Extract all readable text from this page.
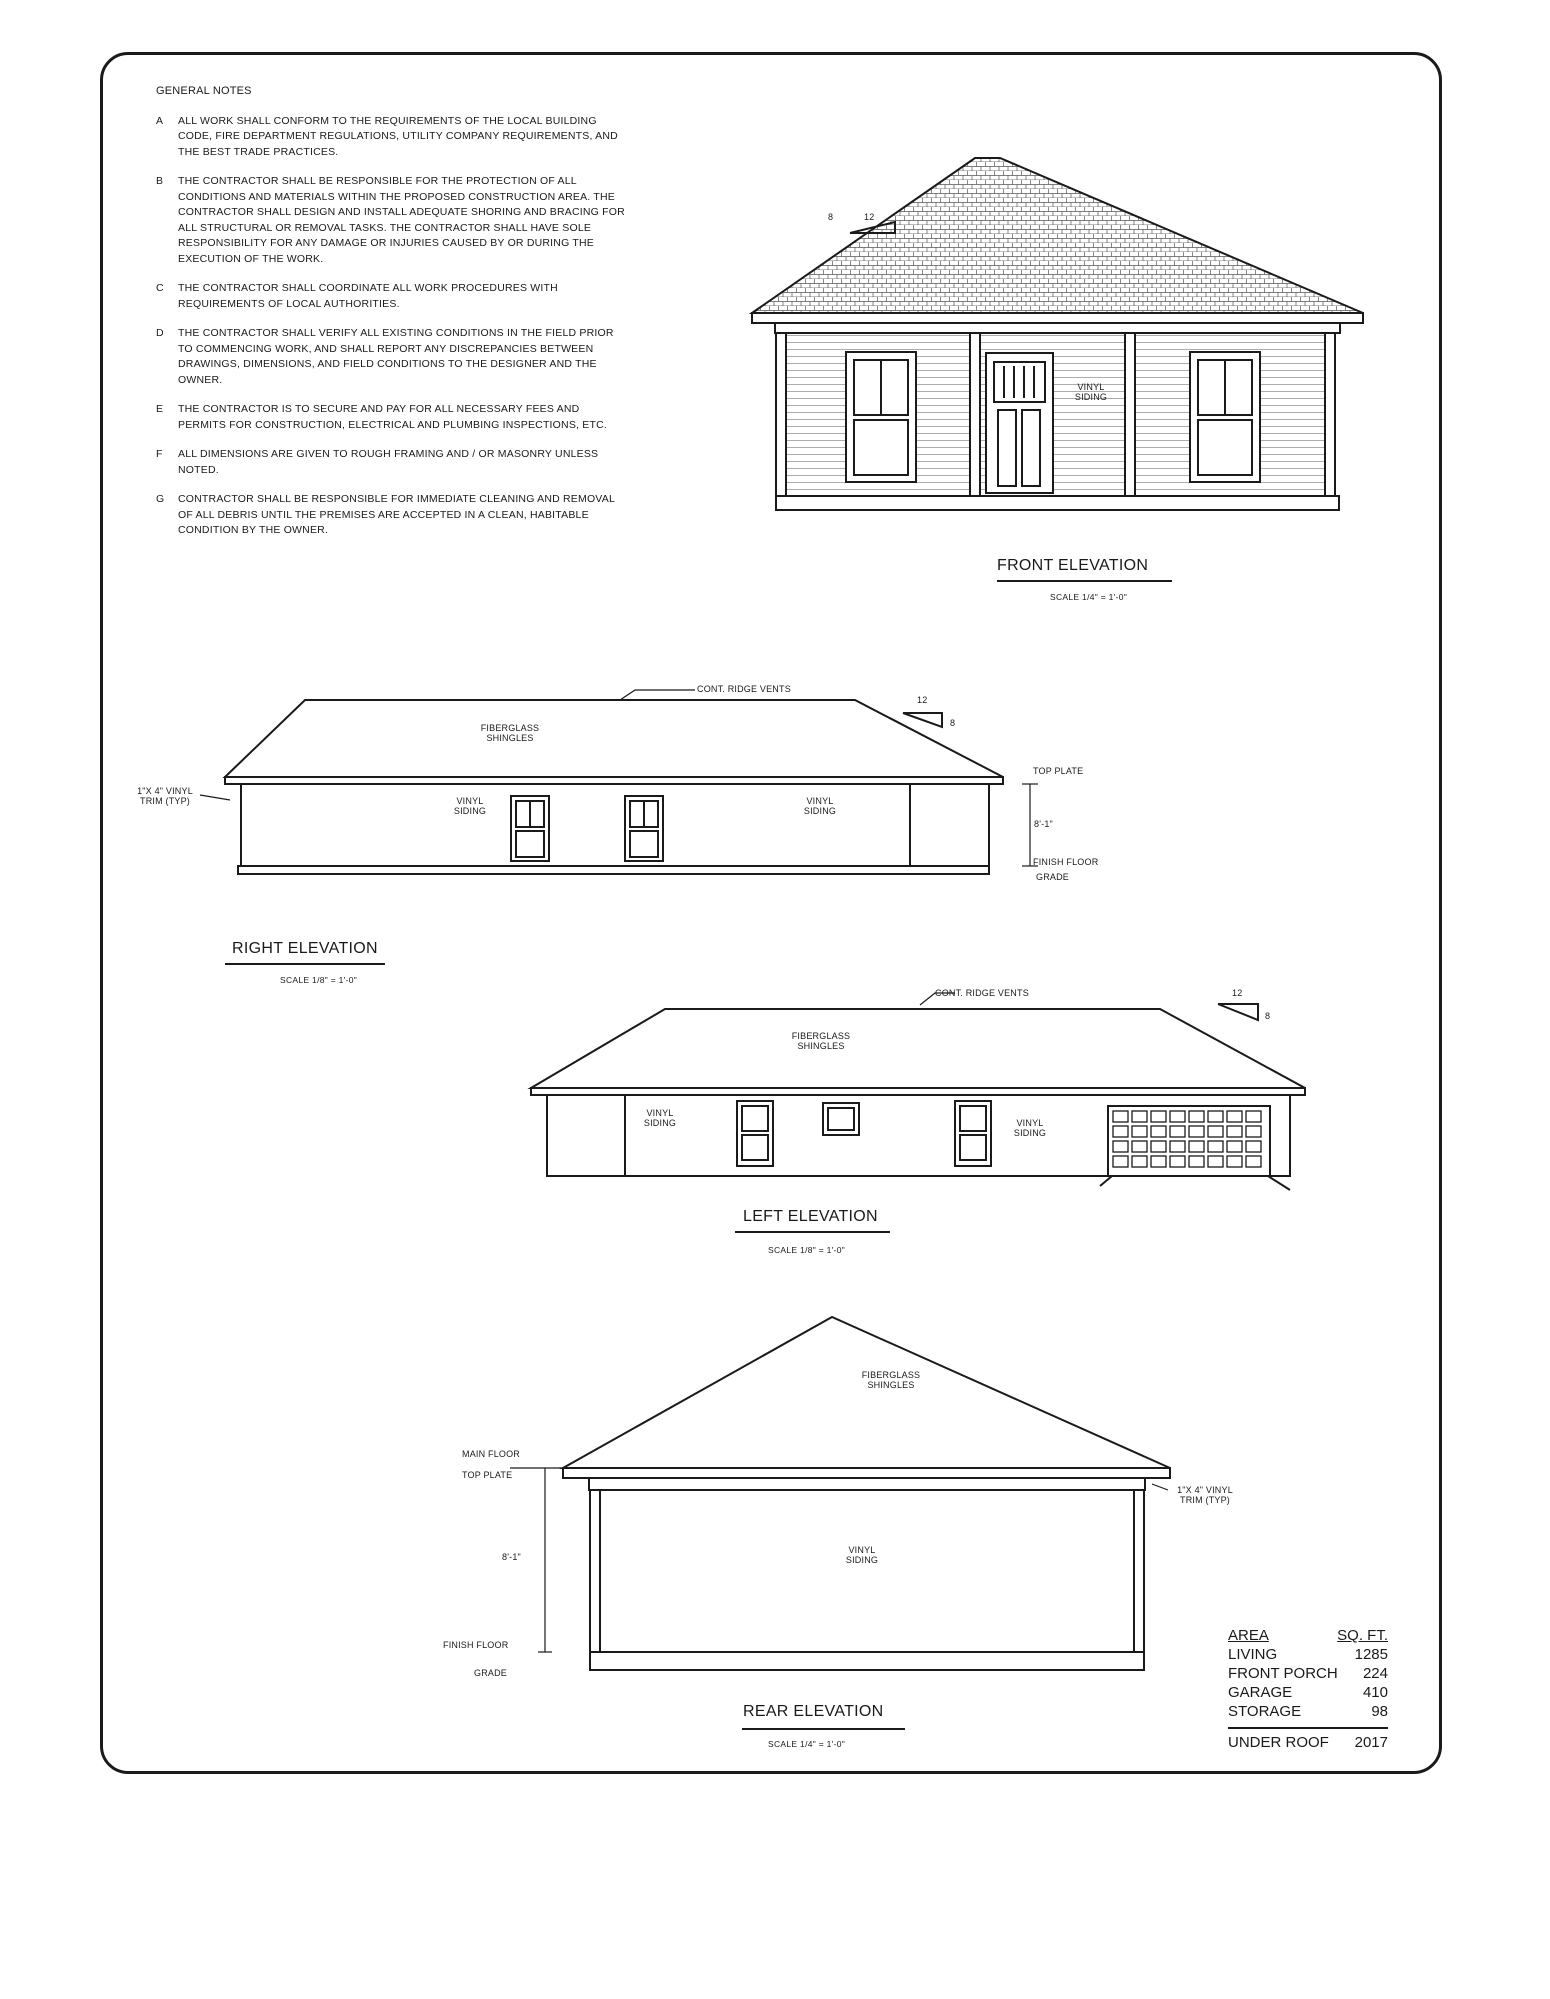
GENERAL NOTES
A ALL WORK SHALL CONFORM TO THE REQUIREMENTS OF THE LOCAL BUILDING CODE, FIRE DEPARTMENT REGULATIONS, UTILITY COMPANY REQUIREMENTS, AND THE BEST TRADE PRACTICES.
B THE CONTRACTOR SHALL BE RESPONSIBLE FOR THE PROTECTION OF ALL CONDITIONS AND MATERIALS WITHIN THE PROPOSED CONSTRUCTION AREA. THE CONTRACTOR SHALL DESIGN AND INSTALL ADEQUATE SHORING AND BRACING FOR ALL STRUCTURAL OR REMOVAL TASKS. THE CONTRACTOR SHALL HAVE SOLE RESPONSIBILITY FOR ANY DAMAGE OR INJURIES CAUSED BY OR DURING THE EXECUTION OF THE WORK.
C THE CONTRACTOR SHALL COORDINATE ALL WORK PROCEDURES WITH REQUIREMENTS OF LOCAL AUTHORITIES.
D THE CONTRACTOR SHALL VERIFY ALL EXISTING CONDITIONS IN THE FIELD PRIOR TO COMMENCING WORK, AND SHALL REPORT ANY DISCREPANCIES BETWEEN DRAWINGS, DIMENSIONS, AND FIELD CONDITIONS TO THE DESIGNER AND THE OWNER.
E THE CONTRACTOR IS TO SECURE AND PAY FOR ALL NECESSARY FEES AND PERMITS FOR CONSTRUCTION, ELECTRICAL AND PLUMBING INSPECTIONS, ETC.
F ALL DIMENSIONS ARE GIVEN TO ROUGH FRAMING AND / OR MASONRY UNLESS NOTED.
G CONTRACTOR SHALL BE RESPONSIBLE FOR IMMEDIATE CLEANING AND REMOVAL OF ALL DEBRIS UNTIL THE PREMISES ARE ACCEPTED IN A CLEAN, HABITABLE CONDITION BY THE OWNER.
8	12
VINYL SIDING
FRONT ELEVATION
SCALE 1/4" = 1'-0"
CONT. RIDGE VENTS
FIBERGLASS SHINGLES
1"X 4" VINYL TRIM (TYP)	VINYL SIDING
VINYL SIDING
TOP PLATE
8'-1"
FINISH FLOOR
GRADE
12
8
RIGHT ELEVATION
SCALE 1/8" = 1'-0"
CONT. RIDGE VENTS
FIBERGLASS SHINGLES
VINYL SIDING	VINYL SIDING
12
8
LEFT ELEVATION
SCALE 1/8" = 1'-0"
FIBERGLASS SHINGLES
VINYL SIDING
1"X 4" VINYL TRIM (TYP)
MAIN FLOOR
TOP PLATE
8'-1"
FINISH FLOOR
GRADE
REAR ELEVATION
SCALE 1/4" = 1'-0"
AREA	SQ. FT.
LIVING	1285
FRONT PORCH 224
GARAGE	410
STORAGE	98
UNDER ROOF 2017
